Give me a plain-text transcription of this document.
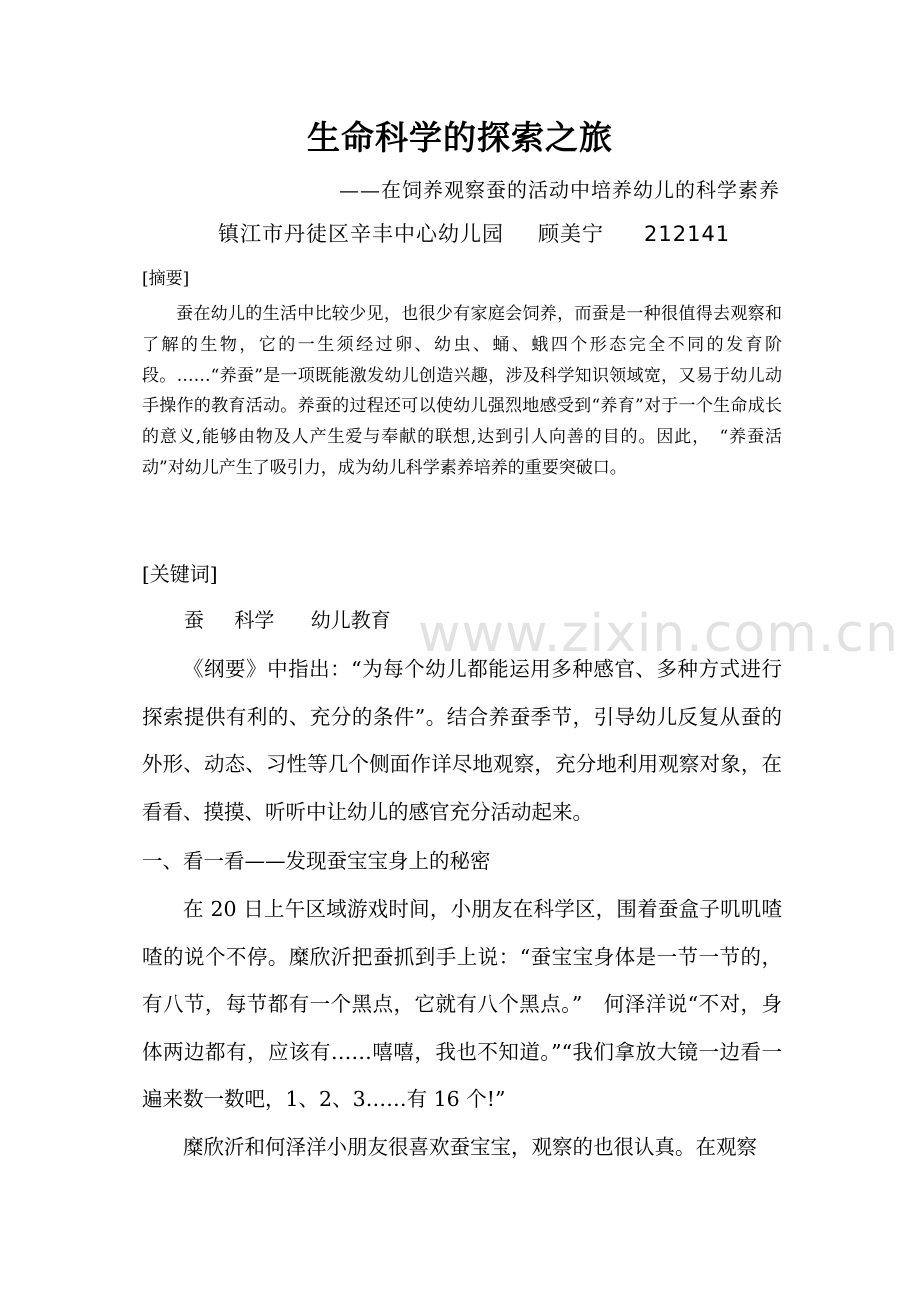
生命科学的探索之旅
——在饲养观察蚕的活动中培养幼儿的科学素养
镇江市丹徒区辛丰中心幼儿园 顾美宁 212141
[摘要]
蚕在幼儿的生活中比较少见，也很少有家庭会饲养，而蚕是一种很值得去观察和了解的生物，它的一生须经过卵、幼虫、蛹、蛾四个形态完全不同的发育阶段。……“养蚕”是一项既能激发幼儿创造兴趣，涉及科学知识领域宽，又易于幼儿动手操作的教育活动。养蚕的过程还可以使幼儿强烈地感受到“养育”对于一个生命成长的意义,能够由物及人产生爱与奉献的联想,达到引人向善的目的。因此，　“养蚕活动”对幼儿产生了吸引力，成为幼儿科学素养培养的重要突破口。
[关键词]
蚕 科学 幼儿教育 www.zixin.com.cn
《纲要》中指出：“为每个幼儿都能运用多种感官、多种方式进行探索提供有利的、充分的条件”。结合养蚕季节，引导幼儿反复从蚕的外形、动态、习性等几个侧面作详尽地观察，充分地利用观察对象，在看看、摸摸、听听中让幼儿的感官充分活动起来。
一、看一看——发现蚕宝宝身上的秘密
在 20 日上午区域游戏时间，小朋友在科学区，围着蚕盒子叽叽喳喳的说个不停。糜欣沂把蚕抓到手上说：“蚕宝宝身体是一节一节的，有八节，每节都有一个黑点，它就有八个黑点。”　何泽洋说“不对，身体两边都有，应该有……嘻嘻，我也不知道。”“我们拿放大镜一边看一遍来数一数吧，1、2、3……有 16 个!”
糜欣沂和何泽洋小朋友很喜欢蚕宝宝，观察的也很认真。在观察
